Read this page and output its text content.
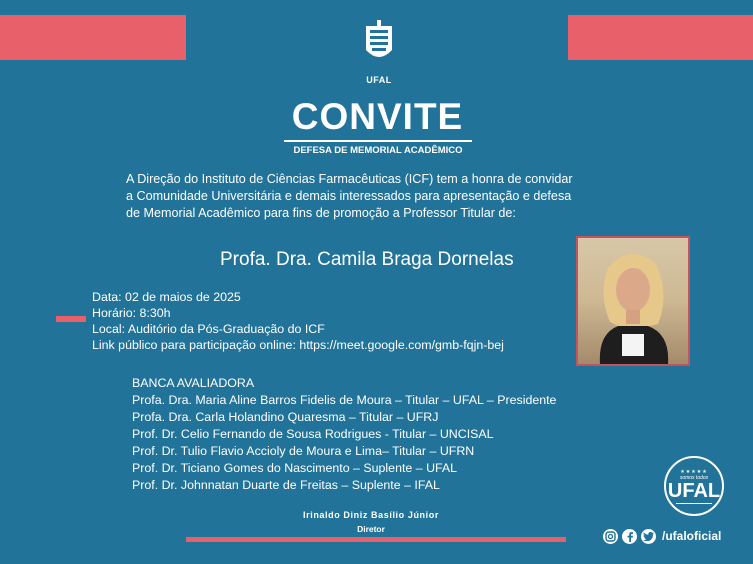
UFAL
CONVITE
DEFESA DE MEMORIAL ACADÊMICO

A Direção do Instituto de Ciências Farmacêuticas (ICF) tem a honra de convidar

a Comunidade Universitária e demais interessados para apresentação e defesa

de Memorial Acadêmico para fins de promoção a Professor Titular de:

Profa. Dra. Camila Braga Dornelas

Data: 02 de maios de 2025

Horário: 8:30h

Local: Auditório da Pós-Graduação do ICF

Link público para participação online: https://meet.google.com/gmb-fqjn-bej

BANCA AVALIADORA

Profa. Dra. Maria Aline Barros Fidelis de Moura – Titular – UFAL – Presidente

Profa. Dra. Carla Holandino Quaresma – Titular – UFRJ

Prof. Dr. Celio Fernando de Sousa Rodrigues - Titular – UNCISAL

Prof. Dr. Tulio Flavio Accioly de Moura e Lima– Titular – UFRN

Prof. Dr. Ticiano Gomes do Nascimento – Suplente – UFAL

Prof. Dr. Johnnatan Duarte de Freitas – Suplente – IFAL

Irinaldo Diniz Basílio Júnior
Diretor
★★★★★
somos todos
UFAL
/ufaloficial
